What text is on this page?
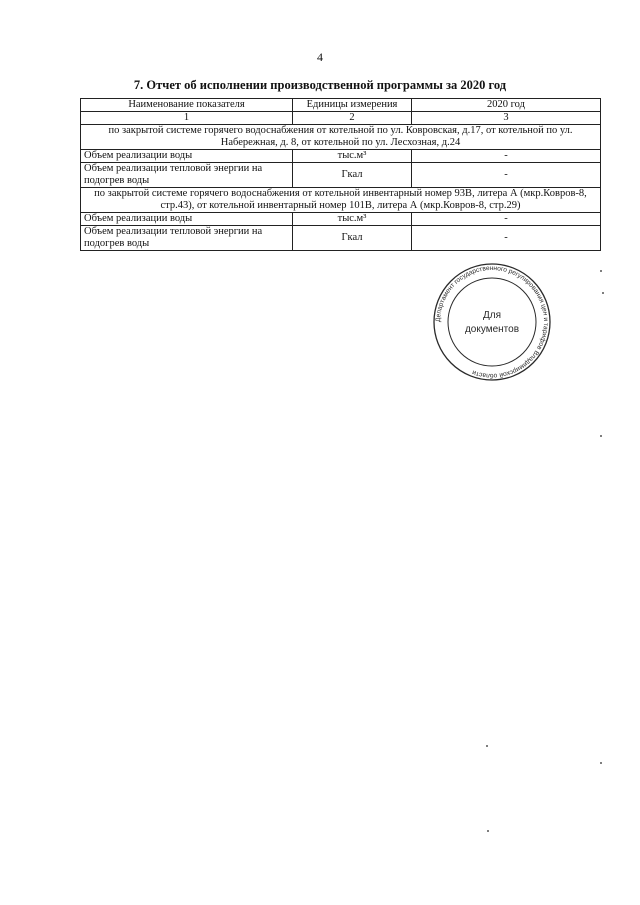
4
7. Отчет об исполнении производственной программы за 2020 год
Наименование показателя	Единицы измерения	2020 год
1	2	3
по закрытой системе горячего водоснабжения от котельной по ул. Ковровская, д.17, от котельной по ул. Набережная, д. 8, от котельной по ул. Лесхозная, д.24		
Объем реализации воды	тыс.м³	-
Объем реализации тепловой энергии на подогрев воды	Гкал	-
по закрытой системе горячего водоснабжения от котельной инвентарный номер 93В, литера А (мкр.Ковров-8, стр.43), от котельной инвентарный номер 101В, литера А (мкр.Ковров-8, стр.29)		
Объем реализации воды	тыс.м³	-
Объем реализации тепловой энергии на подогрев воды	Гкал	-
Департамент государственного регулирования цен и тарифов Владимирской области
Для
документов
